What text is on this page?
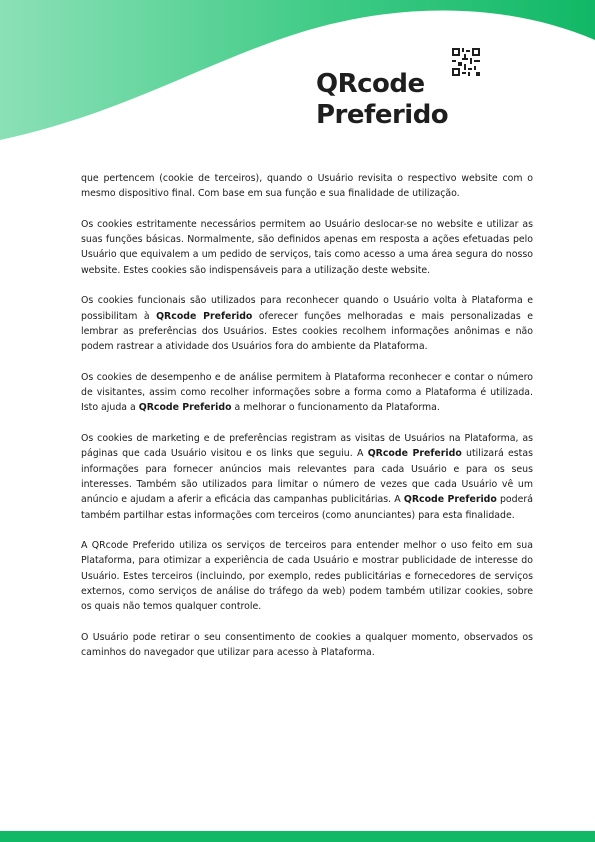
QRcode
Preferido

que pertencem (cookie de terceiros), quando o Usuário revisita o respectivo website com o mesmo dispositivo final. Com base em sua função e sua finalidade de utilização.

Os cookies estritamente necessários permitem ao Usuário deslocar-se no website e utilizar as suas funções básicas. Normalmente, são definidos apenas em resposta a ações efetuadas pelo Usuário que equivalem a um pedido de serviços, tais como acesso a uma área segura do nosso website. Estes cookies são indispensáveis para a utilização deste website.

Os cookies funcionais são utilizados para reconhecer quando o Usuário volta à Plataforma e possibilitam à QRcode Preferido oferecer funções melhoradas e mais personalizadas e lembrar as preferências dos Usuários. Estes cookies recolhem informações anônimas e não podem rastrear a atividade dos Usuários fora do ambiente da Plataforma.

Os cookies de desempenho e de análise permitem à Plataforma reconhecer e contar o número de visitantes, assim como recolher informações sobre a forma como a Plataforma é utilizada. Isto ajuda a QRcode Preferido a melhorar o funcionamento da Plataforma.

Os cookies de marketing e de preferências registram as visitas de Usuários na Plataforma, as páginas que cada Usuário visitou e os links que seguiu. A QRcode Preferido utilizará estas informações para fornecer anúncios mais relevantes para cada Usuário e para os seus interesses. Também são utilizados para limitar o número de vezes que cada Usuário vê um anúncio e ajudam a aferir a eficácia das campanhas publicitárias. A QRcode Preferido poderá também partilhar estas informações com terceiros (como anunciantes) para esta finalidade.

A QRcode Preferido utiliza os serviços de terceiros para entender melhor o uso feito em sua Plataforma, para otimizar a experiência de cada Usuário e mostrar publicidade de interesse do Usuário. Estes terceiros (incluindo, por exemplo, redes publicitárias e fornecedores de serviços externos, como serviços de análise do tráfego da web) podem também utilizar cookies, sobre os quais não temos qualquer controle.

O Usuário pode retirar o seu consentimento de cookies a qualquer momento, observados os caminhos do navegador que utilizar para acesso à Plataforma.
